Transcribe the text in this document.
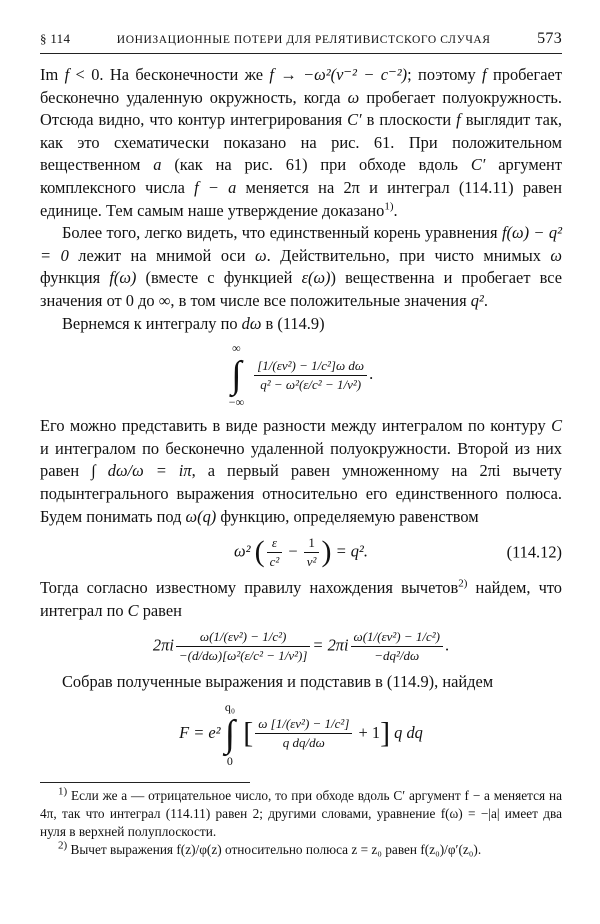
§ 114	ИОНИЗАЦИОННЫЕ ПОТЕРИ ДЛЯ РЕЛЯТИВИСТСКОГО СЛУЧАЯ	573

Im f < 0. На бесконечности же f → −ω²(v⁻² − c⁻²); поэтому f пробегает бесконечно удаленную окружность, когда ω пробегает полуокружность. Отсюда видно, что контур интегрирования C′ в плоскости f выглядит так, как это схематически показано на рис. 61. При положительном вещественном a (как на рис. 61) при обходе вдоль C′ аргумент комплексного числа f − a меняется на 2π и интеграл (114.11) равен единице. Тем самым наше утверждение доказано$^{1)}$.

Более того, легко видеть, что единственный корень уравнения f(ω) − q² = 0 лежит на мнимой оси ω. Действительно, при чисто мнимых ω функция f(ω) (вместе с функцией ε(ω)) вещественна и пробегает все значения от 0 до ∞, в том числе все положительные значения q².

Вернемся к интегралу по dω в (114.9)

∞
∫
−∞

$\frac{\text{[1/(εv²) − 1/c²]ω dω}}{\text{q² − ω²(ε/c² − 1/v²)}}$ .

Его можно представить в виде разности между интегралом по контуру C и интегралом по бесконечно удаленной полуокружности. Второй из них равен ∫ dω/ω = iπ, а первый равен умноженному на 2πi вычету подынтегрального выражения относительно его единственного полюса. Будем понимать под ω(q) функцию, определяемую равенством

ω² ( $\frac{\varepsilon}{\text{c²}} - \frac{1}{\text{v²}}$ ) = q².	(114.12)

Тогда согласно известному правилу нахождения вычетов$^{2)}$ найдем, что интеграл по C равен

$2\pi i \frac{\text{ω(1/(εv²) − 1/c²)}}{\text{−(d/dω)[ω²(ε/c² − 1/v²)]}} = 2\pi i \frac{\text{ω(1/(εv²) − 1/c²)}}{\text{−dq²/dω}}$ .

Собрав полученные выражения и подставив в (114.9), найдем

F = e²
q₀
∫
0
[ $\frac{\text{ω [1/(εv²) − 1/c²]}}{\text{q dq/dω}} + 1$] q dq

$^{1)}$ Если же a — отрицательное число, то при обходе вдоль C′ аргумент f − a меняется на 4π, так что интеграл (114.11) равен 2; другими словами, уравнение f(ω) = −|a| имеет два нуля в верхней полуплоскости.

$^{2)}$ Вычет выражения f(z)/φ(z) относительно полюса z = z₀ равен f(z₀)/φ′(z₀).
